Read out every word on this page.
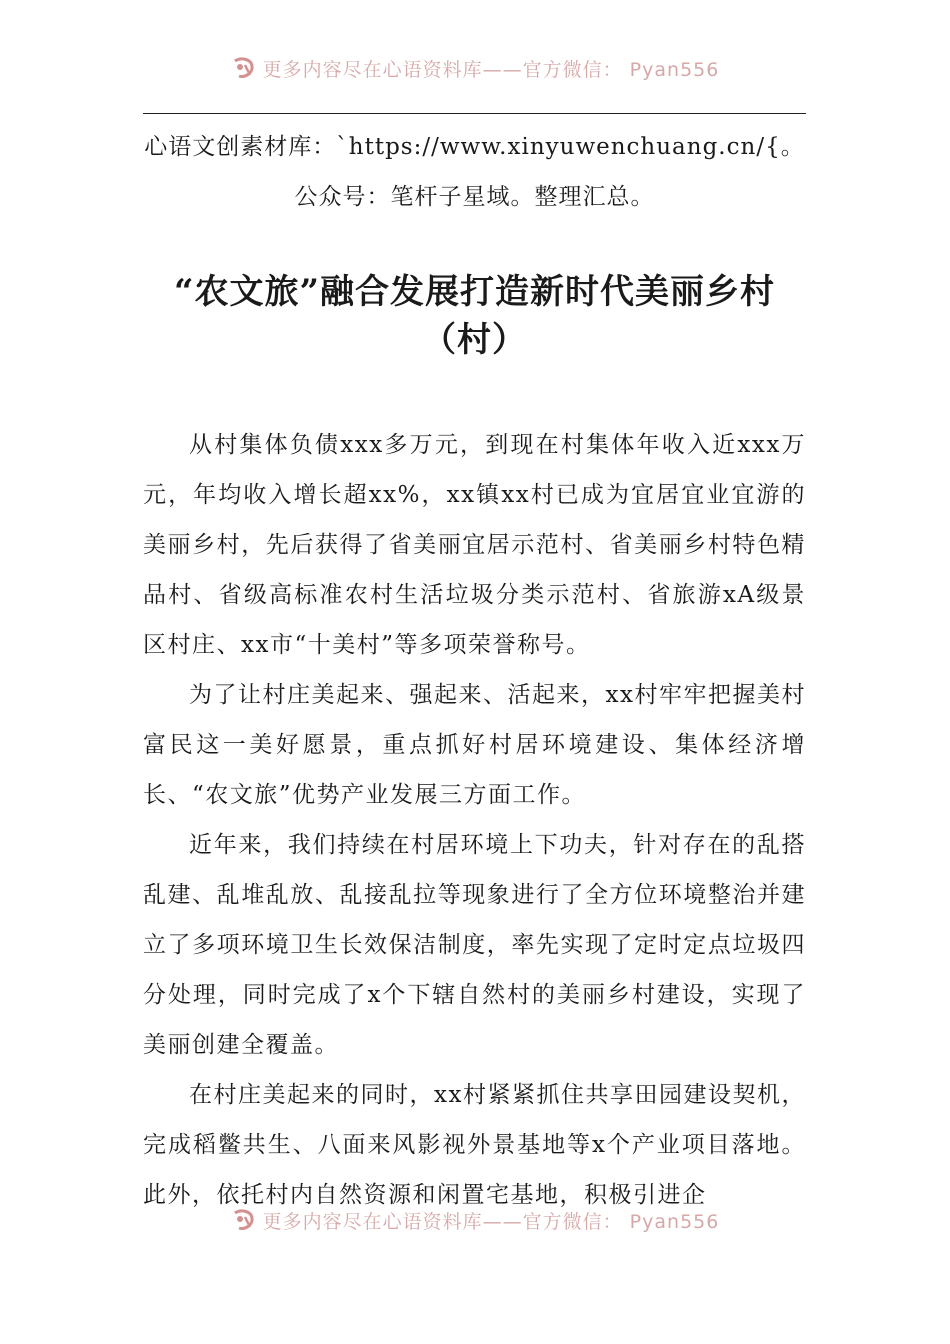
更多内容尽在心语资料库——官方微信： Pyan556
心语文创素材库：`https://www.xinyuwenchuang.cn/{。公众号：笔杆子星域。整理汇总。
“农文旅”融合发展打造新时代美丽乡村（村）

从村集体负债xxx多万元，到现在村集体年收入近xxx万元，年均收入增长超xx%，xx镇xx村已成为宜居宜业宜游的美丽乡村，先后获得了省美丽宜居示范村、省美丽乡村特色精品村、省级高标准农村生活垃圾分类示范村、省旅游xA级景区村庄、xx市“十美村”等多项荣誉称号。

为了让村庄美起来、强起来、活起来，xx村牢牢把握美村富民这一美好愿景，重点抓好村居环境建设、集体经济增长、“农文旅”优势产业发展三方面工作。

近年来，我们持续在村居环境上下功夫，针对存在的乱搭乱建、乱堆乱放、乱接乱拉等现象进行了全方位环境整治并建立了多项环境卫生长效保洁制度，率先实现了定时定点垃圾四分处理，同时完成了x个下辖自然村的美丽乡村建设，实现了美丽创建全覆盖。

在村庄美起来的同时，xx村紧紧抓住共享田园建设契机，完成稻鳖共生、八面来风影视外景基地等x个产业项目落地。此外，依托村内自然资源和闲置宅基地，积极引进企

更多内容尽在心语资料库——官方微信： Pyan556
